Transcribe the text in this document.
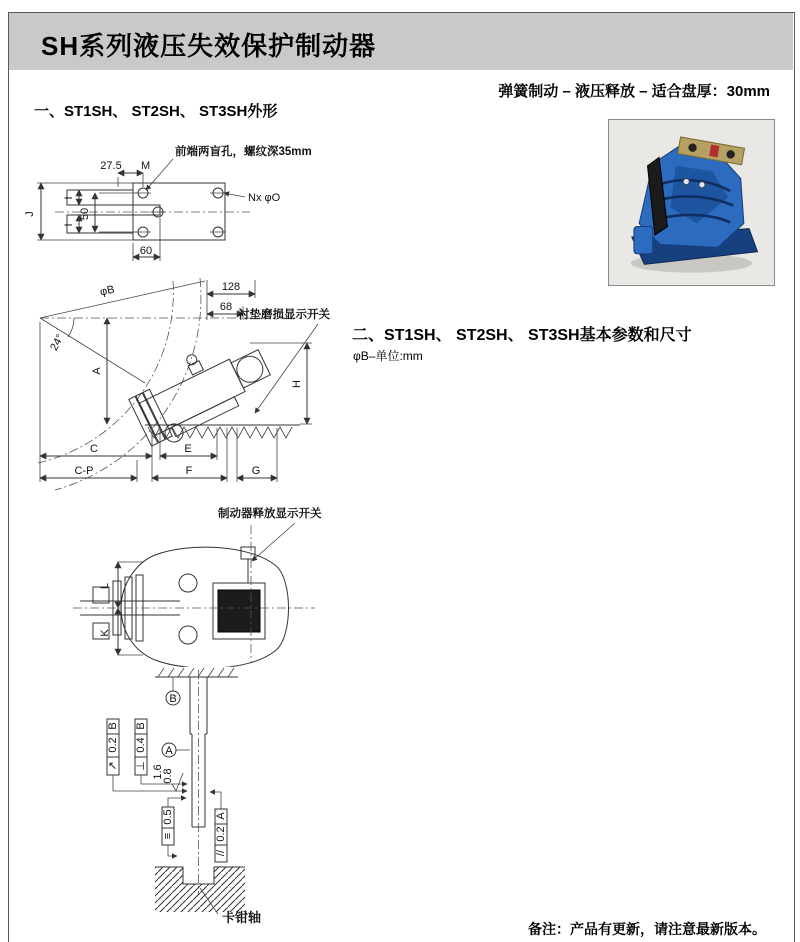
SH系列液压失效保护制动器
弹簧制动 – 液压释放 – 适合盘厚：30mm
一、ST1SH、 ST2SH、 ST3SH外形
J
I
I
50
27.5 M
60
前端两盲孔，螺纹深35mm
Nx φO
φB
24°
128
68
衬垫磨损显示开关
A
H
C	E
C-P	F	G
制动器释放显示开关
L
K
B
B
0.2
↗
B
0.4
⊥
A
1.6
0.8
0.5
≡
A
0.2
//
卡钳轴
二、ST1SH、 ST2SH、 ST3SH基本参数和尺寸
φB–单位:mm
备注：产品有更新，请注意最新版本。
